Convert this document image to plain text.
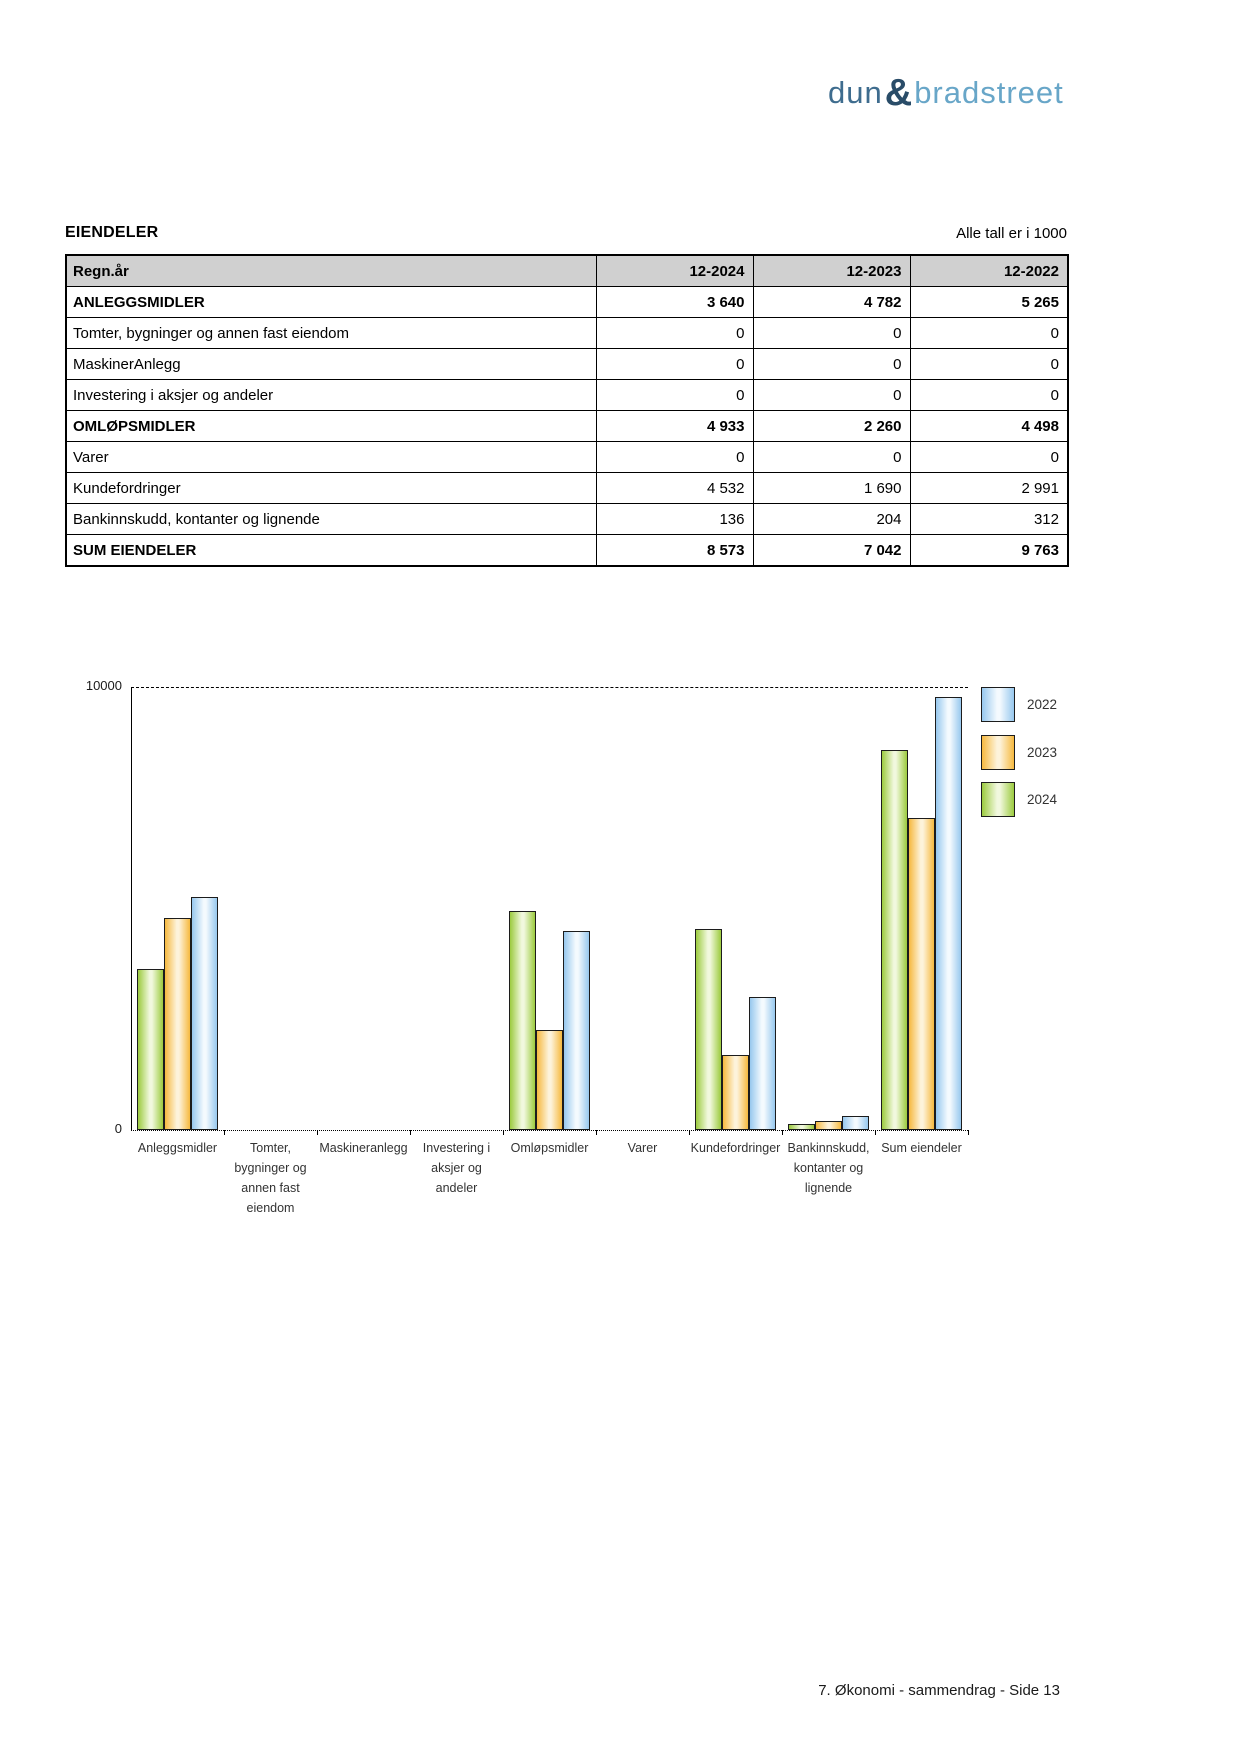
dun & bradstreet
EIENDELER	Alle tall er i 1000
Regn.år	12-2024	12-2023	12-2022
ANLEGGSMIDLER	3 640	4 782	5 265
Tomter, bygninger og annen fast eiendom	0	0	0
MaskinerAnlegg	0	0	0
Investering i aksjer og andeler	0	0	0
OMLØPSMIDLER	4 933	2 260	4 498
Varer	0	0	0
Kundefordringer	4 532	1 690	2 991
Bankinnskudd, kontanter og lignende	136	204	312
SUM EIENDELER	8 573	7 042	9 763
10000
0
Anleggsmidler	Tomter,
bygninger og
annen fast
eiendom
Maskineranlegg Investering i
aksjer og
andeler
Omløpsmidler	Varer	Kundefordringer Bankinnskudd,
kontanter og
lignende
Sum eiendeler
2022
2023
2024
7. Økonomi - sammendrag - Side 13
